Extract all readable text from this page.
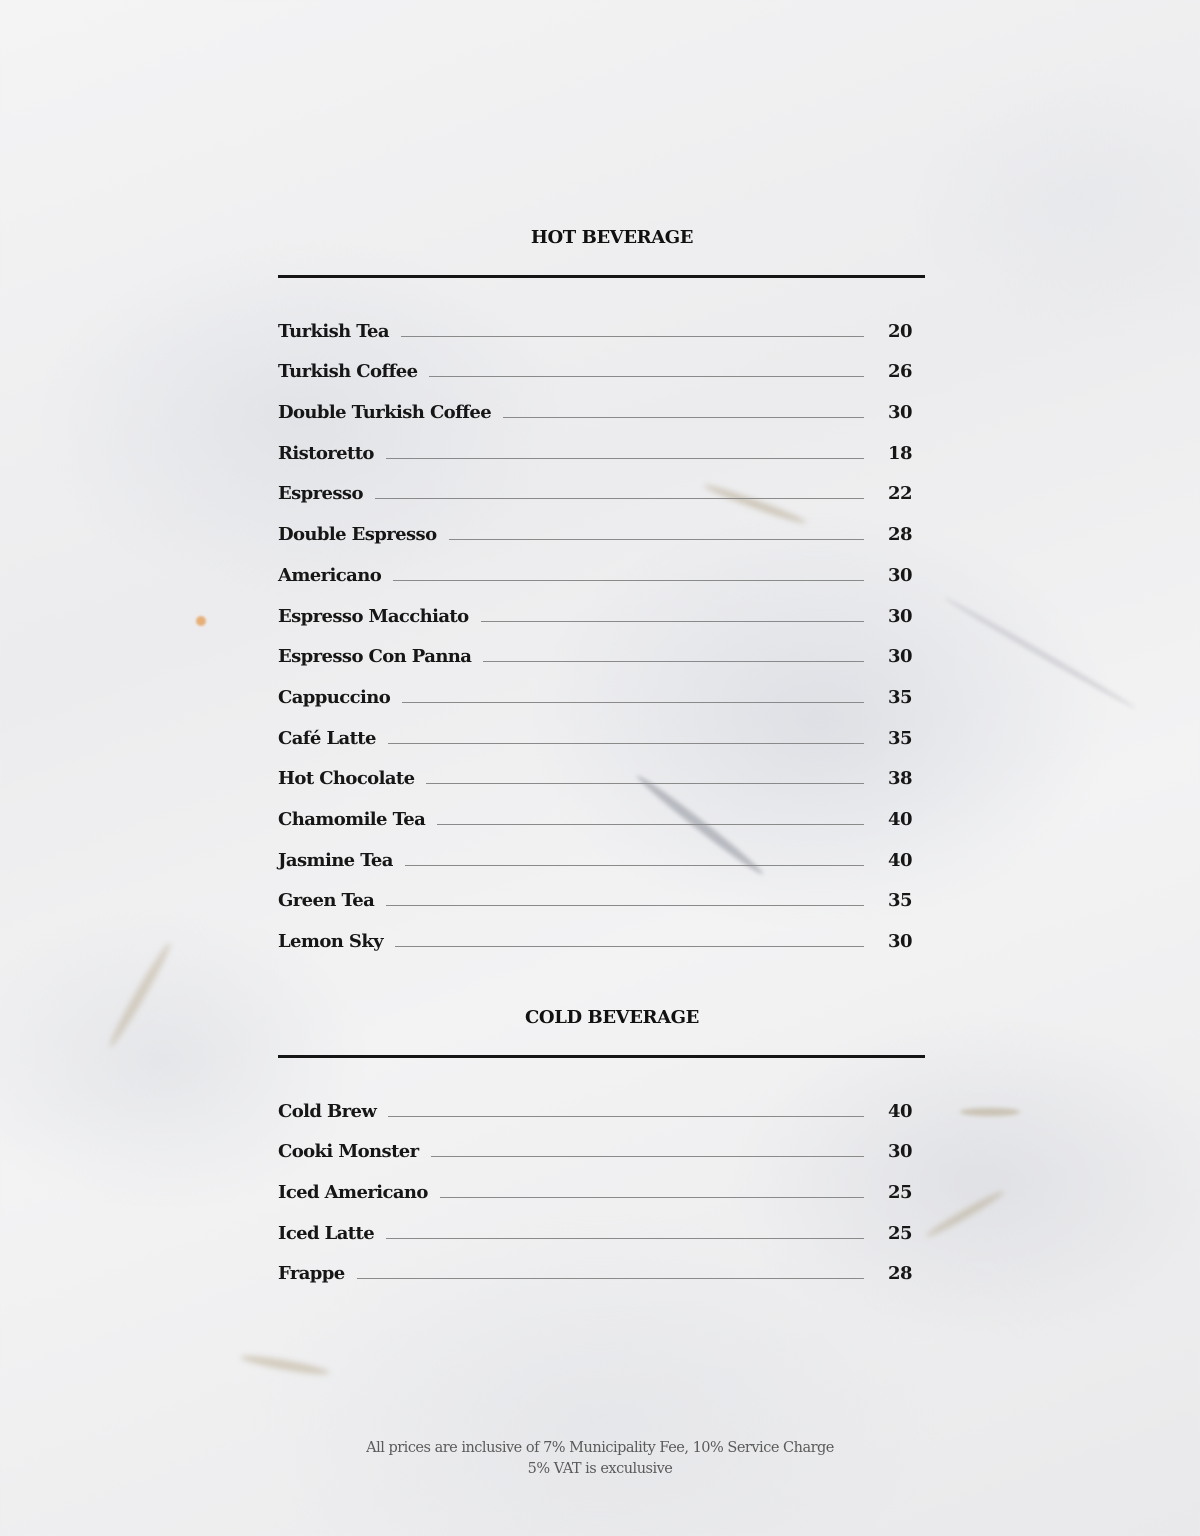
HOT BEVERAGE
Turkish Tea	20
Turkish Coffee	26
Double Turkish Coffee	30
Ristoretto	18
Espresso	22
Double Espresso	28
Americano	30
Espresso Macchiato	30
Espresso Con Panna	30
Cappuccino	35
Café Latte	35
Hot Chocolate	38
Chamomile Tea	40
Jasmine Tea	40
Green Tea	35
Lemon Sky	30
COLD BEVERAGE
Cold Brew	40
Cooki Monster	30
Iced Americano	25
Iced Latte	25
Frappe	28
All prices are inclusive of 7% Municipality Fee, 10% Service Charge
5% VAT is exculusive
